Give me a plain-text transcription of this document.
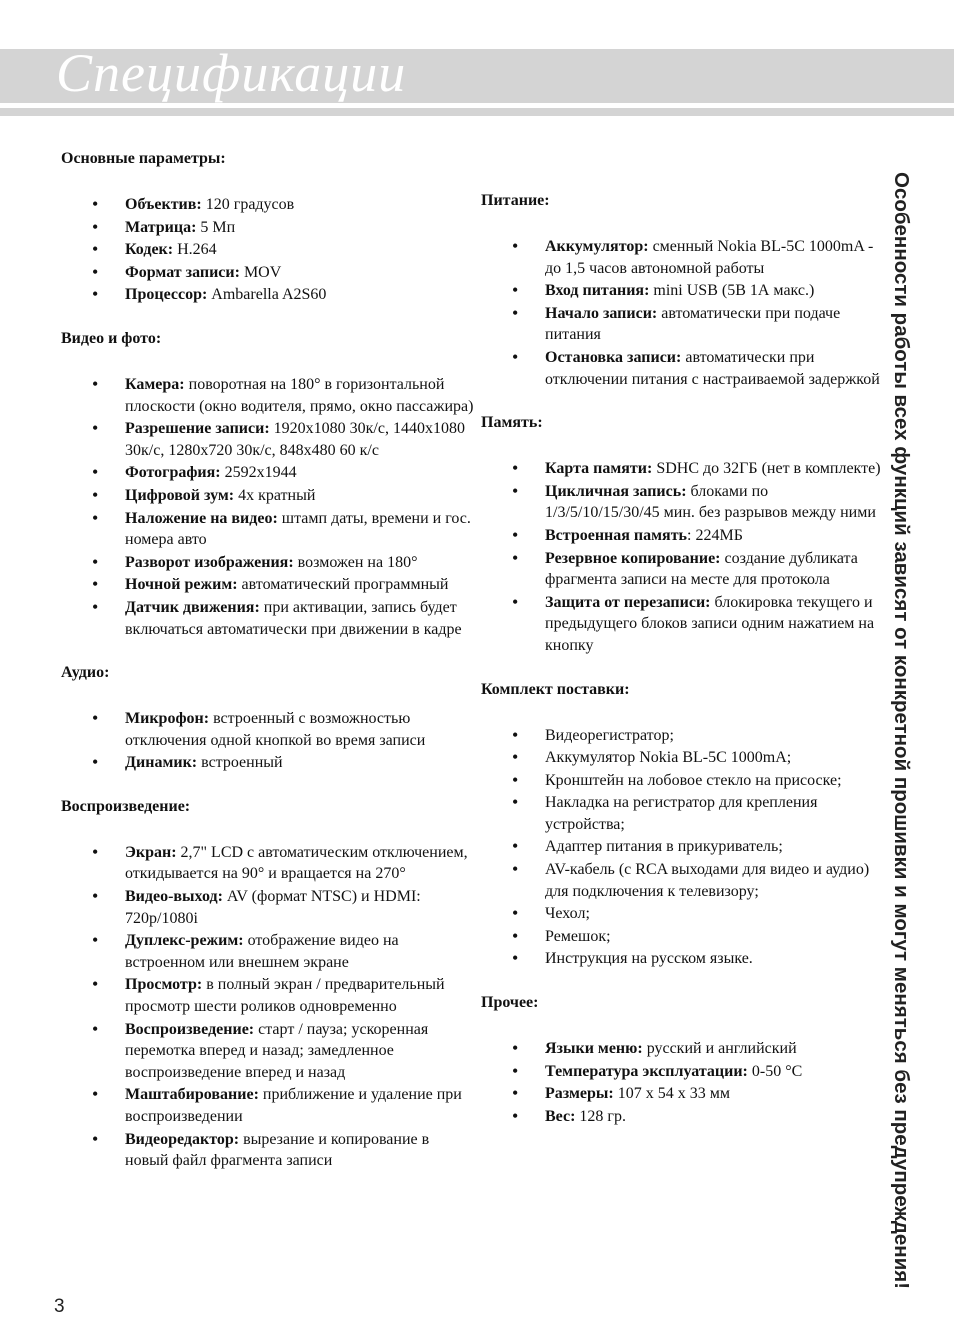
Спецификации
Основные параметры:
• Объектив: 120 градусов
• Матрица: 5 Мп
• Кодек: H.264
• Формат записи: MOV
• Процессор: Ambarella A2S60
Видео и фото:
• Камера: поворотная на 180° в горизонтальной плоскости (окно водителя, прямо, окно пассажира)
• Разрешение записи: 1920x1080 30к/с, 1440x1080 30к/с, 1280x720 30к/с, 848x480 60 к/с
• Фотография: 2592x1944
• Цифровой зум: 4x кратный
• Наложение на видео: штамп даты, времени и гос. номера авто
• Разворот изображения: возможен на 180°
• Ночной режим: автоматический программный
• Датчик движения: при активации, запись будет включаться автоматически при движении в кадре
Аудио:
• Микрофон: встроенный с возможностью отключения одной кнопкой во время записи
• Динамик: встроенный
Воспроизведение:
• Экран: 2,7" LCD с автоматическим отключением, откидывается на 90° и вращается на 270°
• Видео-выход: AV (формат NTSC) и HDMI: 720p/1080i
• Дуплекс-режим: отображение видео на встроенном или внешнем экране
• Просмотр: в полный экран / предварительный просмотр шести роликов одновременно
• Воспроизведение: старт / пауза; ускоренная перемотка вперед и назад; замедленное воспроизведение вперед и назад
• Маштабирование: приближение и удаление при воспроизведении
• Видеоредактор: вырезание и копирование в новый файл фрагмента записи
Питание:
• Аккумулятор: сменный Nokia BL-5C 1000mA - до 1,5 часов автономной работы
• Вход питания: mini USB (5В 1А макс.)
• Начало записи: автоматически при подаче питания
• Остановка записи: автоматически при отключении питания с настраиваемой задержкой
Память:
• Карта памяти: SDHC до 32ГБ (нет в комплекте)
• Цикличная запись: блоками по 1/3/5/10/15/30/45 мин. без разрывов между ними
• Встроенная память: 224МБ
• Резервное копирование: создание дубликата фрагмента записи на месте для протокола
• Защита от перезаписи: блокировка текущего и предыдущего блоков записи одним нажатием на кнопку
Комплект поставки:
• Видеорегистратор;
• Аккумулятор Nokia BL-5C 1000mA;
• Кронштейн на лобовое стекло на присоске;
• Накладка на регистратор для крепления устройства;
• Адаптер питания в прикуриватель;
• AV-кабель (с RCA выходами для видео и аудио) для подключения к телевизору;
• Чехол;
• Ремешок;
• Инструкция на русском языке.
Прочее:
• Языки меню: русский и английский
• Температура эксплуатации: 0-50 °С
• Размеры: 107 х 54 х 33 мм
• Вес: 128 гр.	Особенности работы всех функций зависят от конкретной прошивки и могут меняться без предупреждения!
3
